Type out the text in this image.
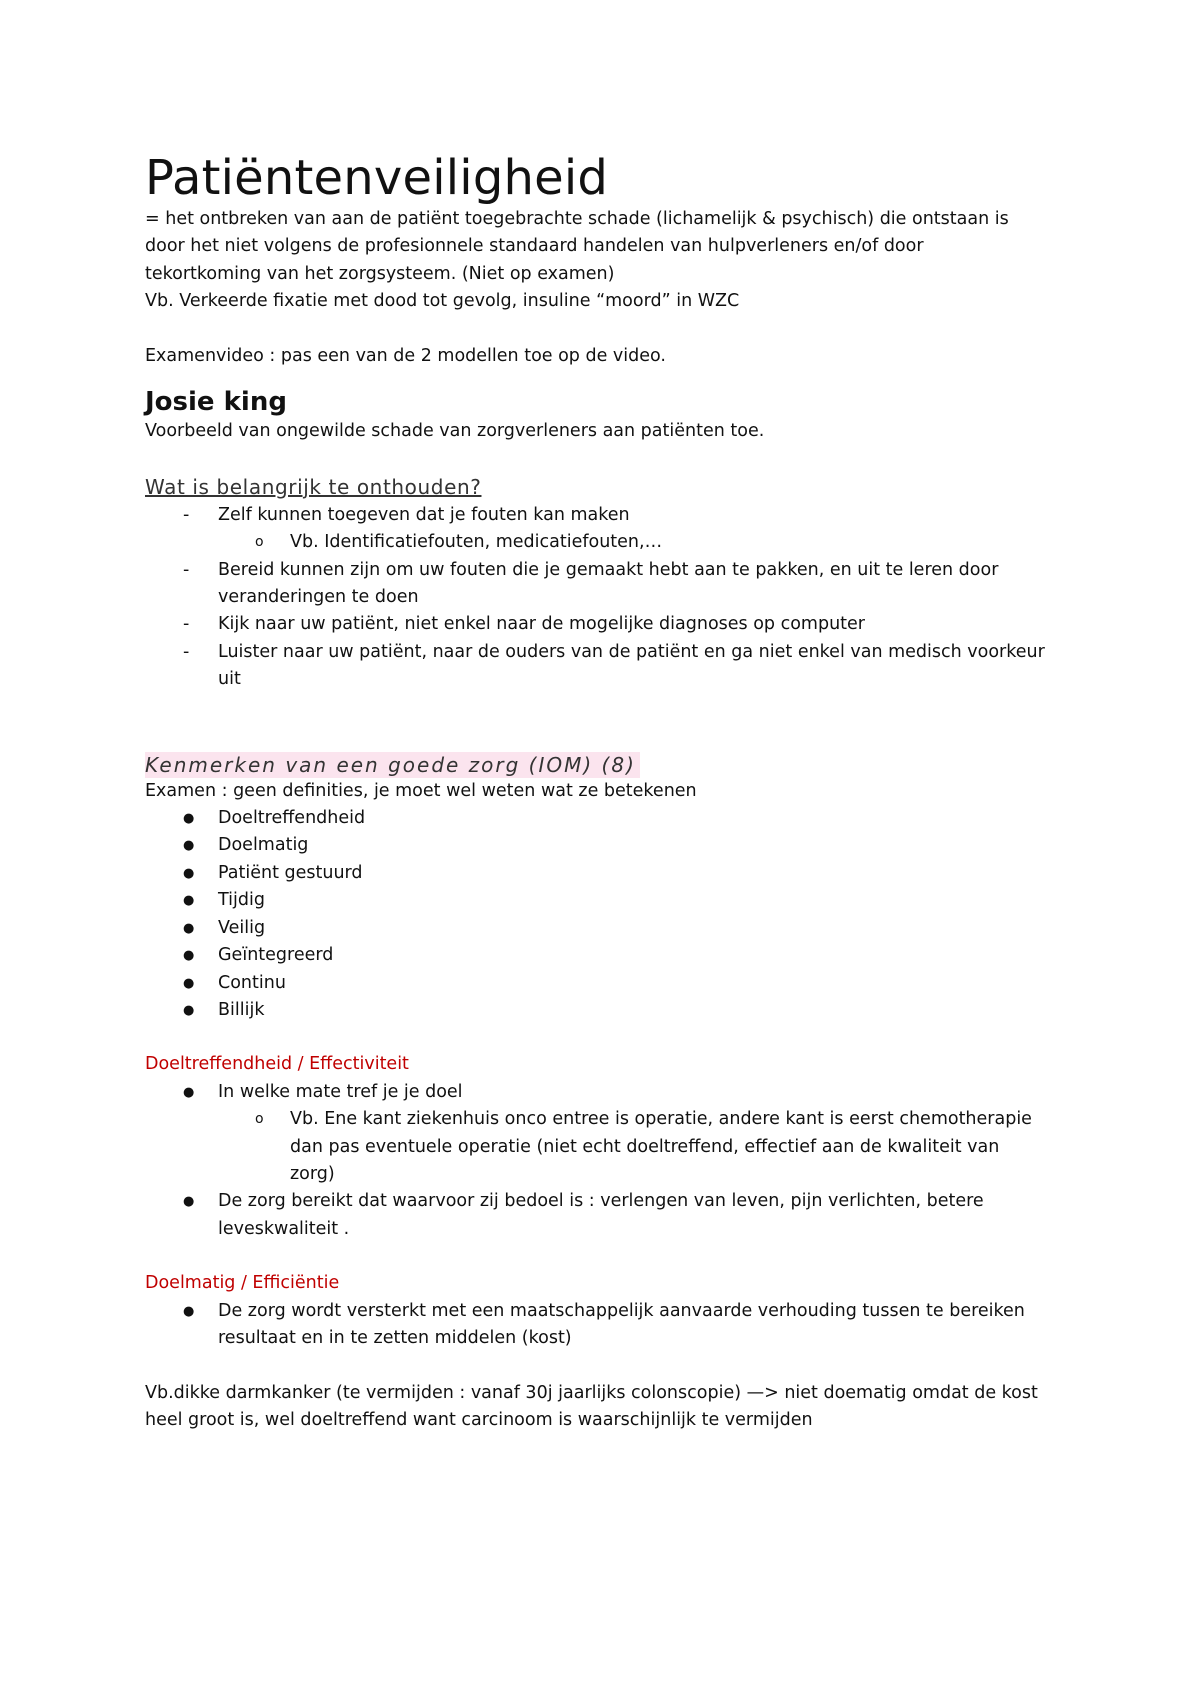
Patiëntenveiligheid

= het ontbreken van aan de patiënt toegebrachte schade (lichamelijk & psychisch) die ontstaan is

door het niet volgens de profesionnele standaard handelen van hulpverleners en/of door

tekortkoming van het zorgsysteem. (Niet op examen)

Vb. Verkeerde fixatie met dood tot gevolg, insuline “moord” in WZC

Examenvideo : pas een van de 2 modellen toe op de video.

Josie king

Voorbeeld van ongewilde schade van zorgverleners aan patiënten toe.

Wat is belangrijk te onthouden?
- Zelf kunnen toegeven dat je fouten kan maken
o Vb. Identificatiefouten, medicatiefouten,…
- Bereid kunnen zijn om uw fouten die je gemaakt hebt aan te pakken, en uit te leren door
veranderingen te doen
- Kijk naar uw patiënt, niet enkel naar de mogelijke diagnoses op computer
- Luister naar uw patiënt, naar de ouders van de patiënt en ga niet enkel van medisch voorkeur
uit
Kenmerken van een goede zorg (IOM) (8)

Examen : geen definities, je moet wel weten wat ze betekenen

● Doeltreffendheid
● Doelmatig
● Patiënt gestuurd
● Tijdig
● Veilig
● Geïntegreerd
● Continu
● Billijk
Doeltreffendheid / Effectiviteit
● In welke mate tref je je doel
o Vb. Ene kant ziekenhuis onco entree is operatie, andere kant is eerst chemotherapie
dan pas eventuele operatie (niet echt doeltreffend, effectief aan de kwaliteit van
zorg)
● De zorg bereikt dat waarvoor zij bedoel is : verlengen van leven, pijn verlichten, betere
leveskwaliteit .
Doelmatig / Efficiëntie
● De zorg wordt versterkt met een maatschappelijk aanvaarde verhouding tussen te bereiken
resultaat en in te zetten middelen (kost)

Vb.dikke darmkanker (te vermijden : vanaf 30j jaarlijks colonscopie) —> niet doematig omdat de kost

heel groot is, wel doeltreffend want carcinoom is waarschijnlijk te vermijden
